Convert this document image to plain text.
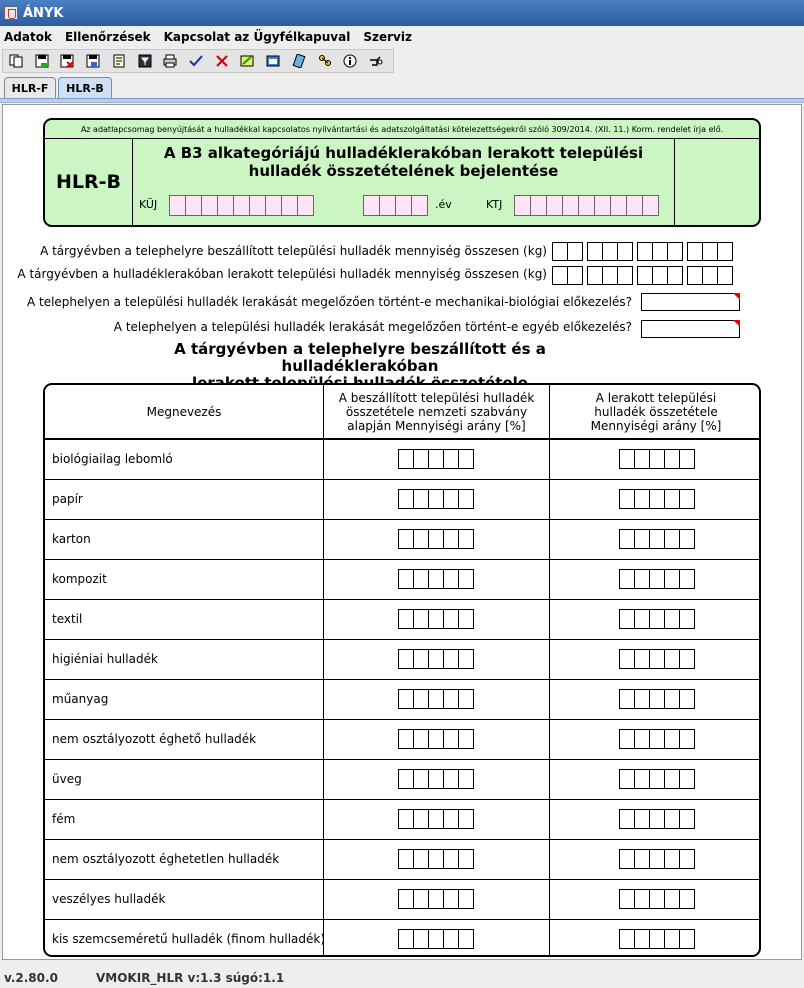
ÁNYK
Adatok Ellenőrzések Kapcsolat az Ügyfélkapuval Szerviz
HLR-F	HLR-B
Az adatlapcsomag benyújtását a hulladékkal kapcsolatos nyilvántartási és adatszolgáltatási kötelezettségekről szóló 309/2014. (XII. 11.) Korm. rendelet írja elő.
HLR-B
A B3 alkategóriájú hulladéklerakóban lerakott települési
hulladék összetételének bejelentése
KÜJ	.év	KTJ
A tárgyévben a telephelyre beszállított települési hulladék mennyiség összesen (kg)
A tárgyévben a hulladéklerakóban lerakott települési hulladék mennyiség összesen (kg)
A telephelyen a települési hulladék lerakását megelőzően történt-e mechanikai-biológiai előkezelés?
A telephelyen a települési hulladék lerakását megelőzően történt-e egyéb előkezelés?
A tárgyévben a telephelyre beszállított és a hulladéklerakóban
Megnevezés
A beszállított települési hulladék összetétele nemzeti szabvány alapján Mennyiségi arány [%]
A lerakott települési hulladék összetétele Mennyiségi arány [%]
biológiailag lebomló
papír
karton
kompozit
textil
higiéniai hulladék
műanyag
nem osztályozott éghető hulladék
üveg
fém
nem osztályozott éghetetlen hulladék
veszélyes hulladék
kis szemcseméretű hulladék (finom hulladék)
v.2.80.0	VMOKIR_HLR v:1.3 súgó:1.1
